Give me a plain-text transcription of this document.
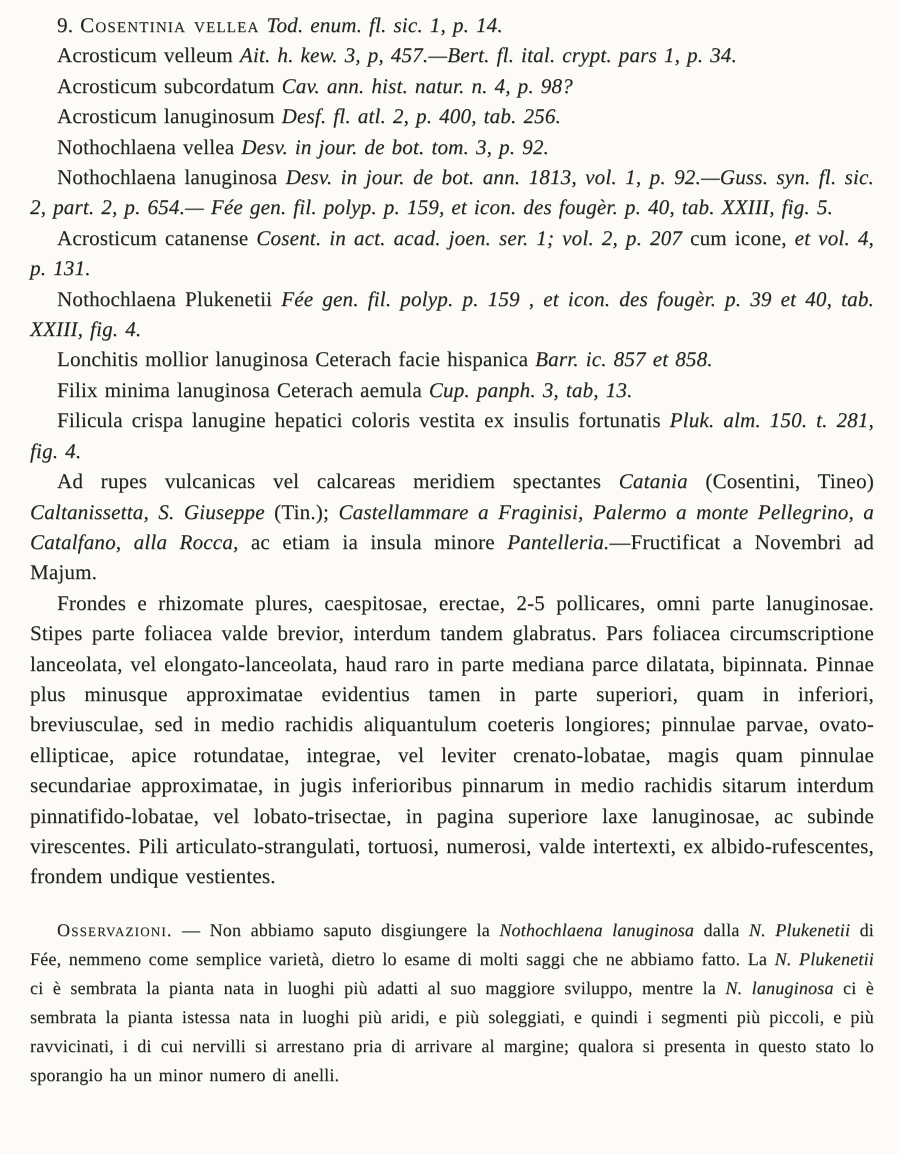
9. Cosentinia vellea Tod. enum. fl. sic. 1, p. 14.

Acrosticum velleum Ait. h. kew. 3, p, 457.—Bert. fl. ital. crypt. pars 1, p. 34.

Acrosticum subcordatum Cav. ann. hist. natur. n. 4, p. 98?

Acrosticum lanuginosum Desf. fl. atl. 2, p. 400, tab. 256.

Nothochlaena vellea Desv. in jour. de bot. tom. 3, p. 92.

Nothochlaena lanuginosa Desv. in jour. de bot. ann. 1813, vol. 1, p. 92.—Guss. syn. fl. sic. 2, part. 2, p. 654.— Fée gen. fil. polyp. p. 159, et icon. des fougèr. p. 40, tab. XXIII, fig. 5.

Acrosticum catanense Cosent. in act. acad. joen. ser. 1; vol. 2, p. 207 cum icone, et vol. 4, p. 131.

Nothochlaena Plukenetii Fée gen. fil. polyp. p. 159 , et icon. des fougèr. p. 39 et 40, tab. XXIII, fig. 4.

Lonchitis mollior lanuginosa Ceterach facie hispanica Barr. ic. 857 et 858.

Filix minima lanuginosa Ceterach aemula Cup. panph. 3, tab, 13.

Filicula crispa lanugine hepatici coloris vestita ex insulis fortunatis Pluk. alm. 150. t. 281, fig. 4.

Ad rupes vulcanicas vel calcareas meridiem spectantes Catania (Cosentini, Tineo) Caltanissetta, S. Giuseppe (Tin.); Castellammare a Fraginisi, Palermo a monte Pellegrino, a Catalfano, alla Rocca, ac etiam ia insula minore Pantelleria.—Fructificat a Novembri ad Majum.

Frondes e rhizomate plures, caespitosae, erectae, 2-5 pollicares, omni parte lanuginosae. Stipes parte foliacea valde brevior, interdum tandem glabratus. Pars foliacea circumscriptione lanceolata, vel elongato-lanceolata, haud raro in parte mediana parce dilatata, bipinnata. Pinnae plus minusque approximatae evidentius tamen in parte superiori, quam in inferiori, breviusculae, sed in medio rachidis aliquantulum coeteris longiores; pinnulae parvae, ovato-ellipticae, apice rotundatae, integrae, vel leviter crenato-lobatae, magis quam pinnulae secundariae approximatae, in jugis inferioribus pinnarum in medio rachidis sitarum interdum pinnatifido-lobatae, vel lobato-trisectae, in pagina superiore laxe lanuginosae, ac subinde virescentes. Pili articulato-strangulati, tortuosi, numerosi, valde intertexti, ex albido-rufescentes, frondem undique vestientes.

Osservazioni. — Non abbiamo saputo disgiungere la Nothochlaena lanuginosa dalla N. Plukenetii di Fée, nemmeno come semplice varietà, dietro lo esame di molti saggi che ne abbiamo fatto. La N. Plukenetii ci è sembrata la pianta nata in luoghi più adatti al suo maggiore sviluppo, mentre la N. lanuginosa ci è sembrata la pianta istessa nata in luoghi più aridi, e più soleggiati, e quindi i segmenti più piccoli, e più ravvicinati, i di cui nervilli si arrestano pria di arrivare al margine; qualora si presenta in questo stato lo sporangio ha un minor numero di anelli.
